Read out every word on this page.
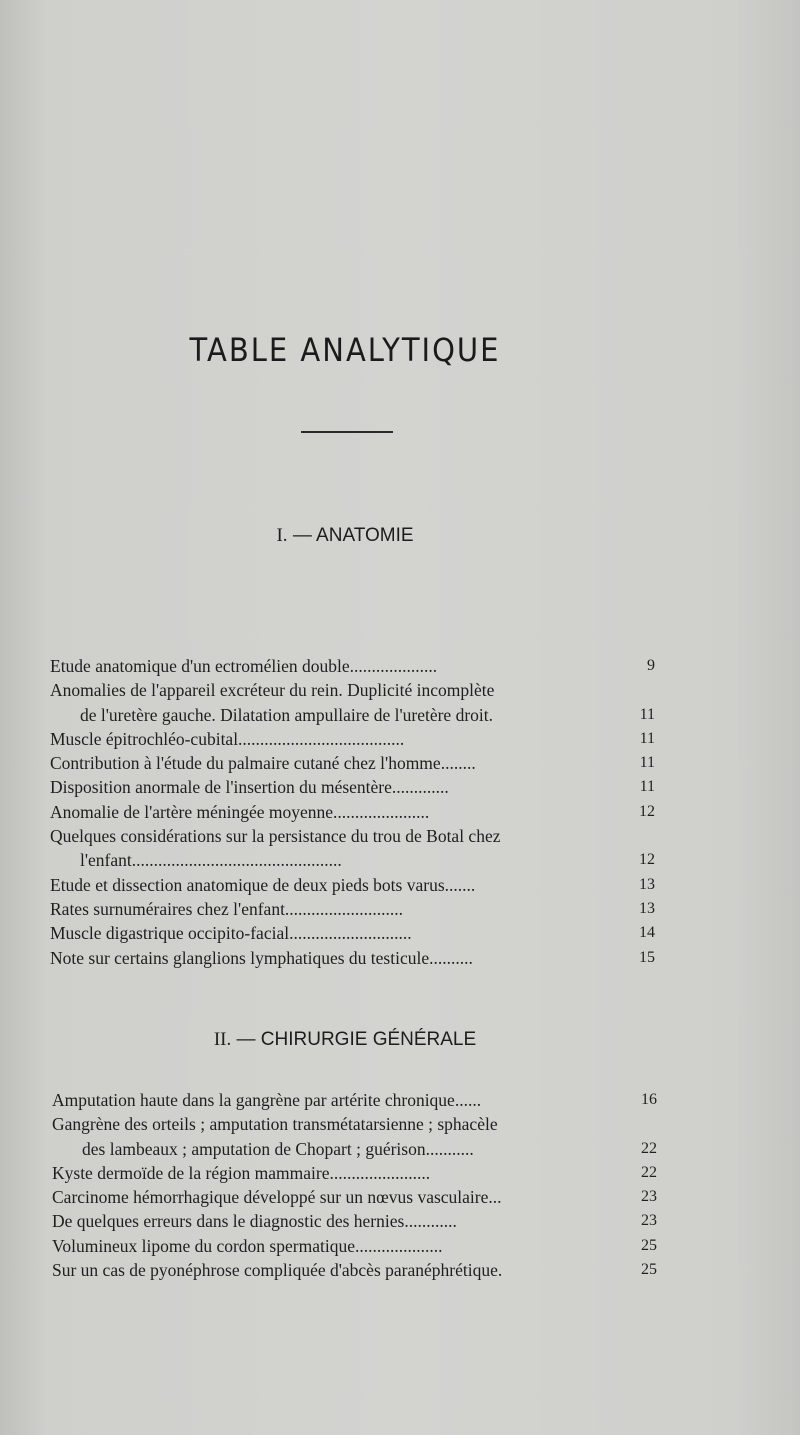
TABLE ANALYTIQUE
I. — ANATOMIE
Etude anatomique d'un ectromélien double....................	9
Anomalies de l'appareil excréteur du rein. Duplicité incomplète
de l'uretère gauche. Dilatation ampullaire de l'uretère droit.	11
Muscle épitrochléo-cubital......................................	11
Contribution à l'étude du palmaire cutané chez l'homme........	11
Disposition anormale de l'insertion du mésentère.............	11
Anomalie de l'artère méningée moyenne......................	12
Quelques considérations sur la persistance du trou de Botal chez
l'enfant................................................	12
Etude et dissection anatomique de deux pieds bots varus.......	13
Rates surnuméraires chez l'enfant...........................	13
Muscle digastrique occipito-facial............................	14
Note sur certains glanglions lymphatiques du testicule..........	15
II. — CHIRURGIE GÉNÉRALE
Amputation haute dans la gangrène par artérite chronique......	16
Gangrène des orteils ; amputation transmétatarsienne ; sphacèle
des lambeaux ; amputation de Chopart ; guérison...........	22
Kyste dermoïde de la région mammaire.......................	22
Carcinome hémorrhagique développé sur un nœvus vasculaire...	23
De quelques erreurs dans le diagnostic des hernies............	23
Volumineux lipome du cordon spermatique....................	25
Sur un cas de pyonéphrose compliquée d'abcès paranéphrétique.	25
